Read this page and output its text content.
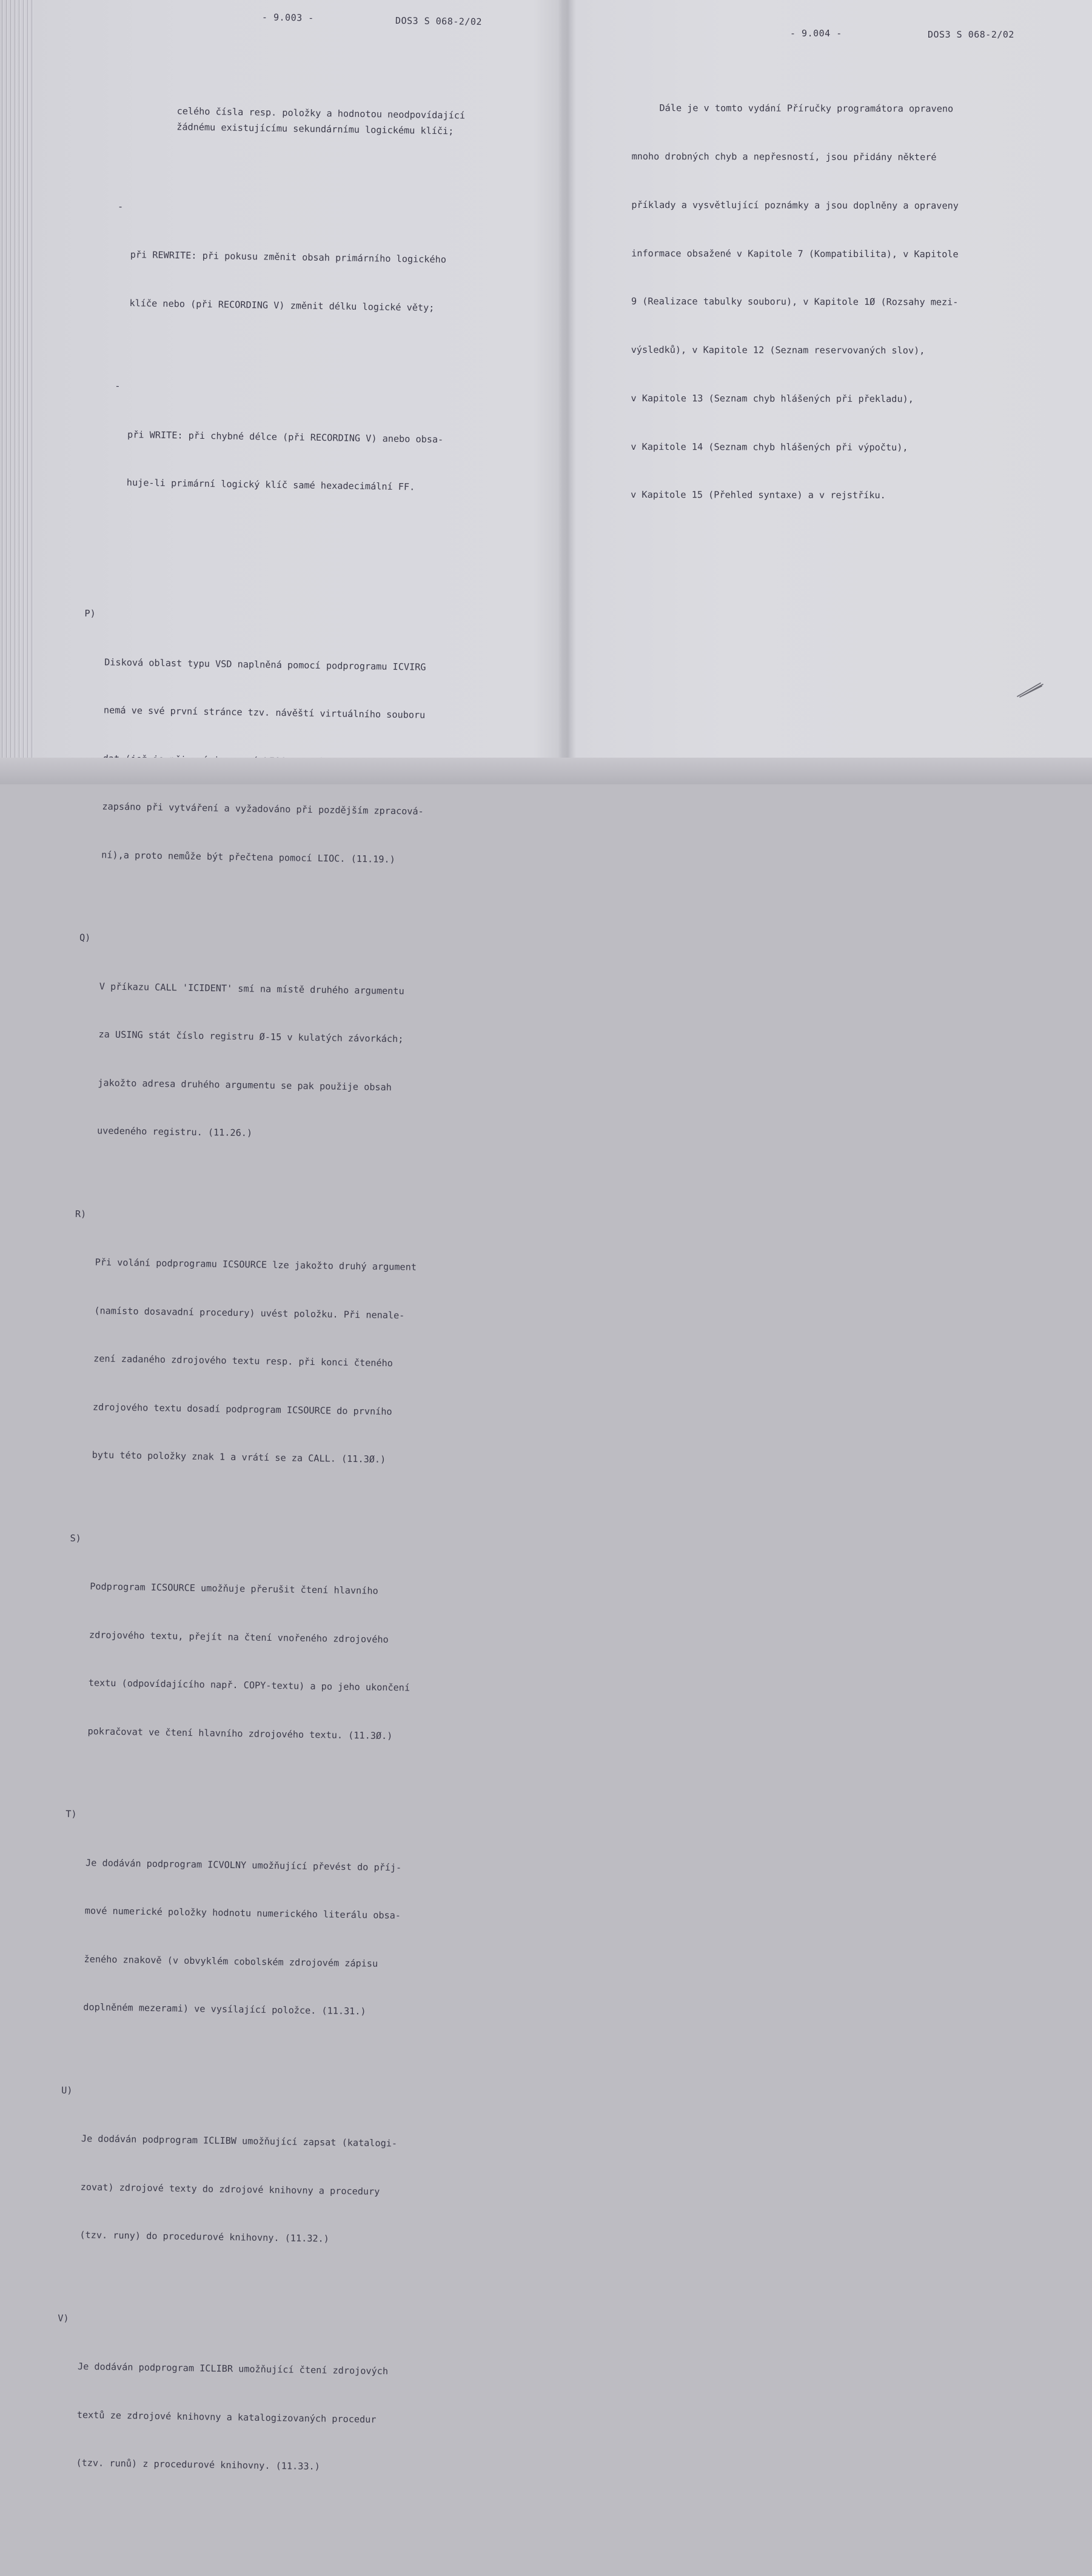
- 9.003 -	DOS3 S 068-2/02

celého čísla resp. položky a hodnotou neodpovídající
žádnému existujícímu sekundárnímu logickému klíči;

-

při REWRITE: při pokusu změnit obsah primárního logického

klíče nebo (při RECORDING V) změnit délku logické věty;

-

při WRITE: při chybné délce (při RECORDING V) anebo obsa-

huje-li primární logický klíč samé hexadecimální FF.

P)

Disková oblast typu VSD naplněná pomocí podprogramu ICVIRG

nemá ve své první stránce tzv. návěští virtuálního souboru

zapsáno při vytváření a vyžadováno při pozdějším zpracová-

ní),a proto nemůže být přečtena pomocí LIOC. (11.19.)

Q)

V příkazu CALL 'ICIDENT' smí na místě druhého argumentu

za USING stát číslo registru Ø-15 v kulatých závorkách;

jakožto adresa druhého argumentu se pak použije obsah

uvedeného registru. (11.26.)

R)

Při volání podprogramu ICSOURCE lze jakožto druhý argument

(namísto dosavadní procedury) uvést položku. Při nenale-

zení zadaného zdrojového textu resp. při konci čteného

zdrojového textu dosadí podprogram ICSOURCE do prvního

bytu této položky znak 1 a vrátí se za CALL. (11.3Ø.)

S)

Podprogram ICSOURCE umožňuje přerušit čtení hlavního

zdrojového textu, přejít na čtení vnořeného zdrojového

textu (odpovídajícího např. COPY-textu) a po jeho ukončení

pokračovat ve čtení hlavního zdrojového textu. (11.3Ø.)

T)

Je dodáván podprogram ICVOLNY umožňující převést do příj-

mové numerické položky hodnotu numerického literálu obsa-

ženého znakově (v obvyklém cobolském zdrojovém zápisu

doplněném mezerami) ve vysílající položce. (11.31.)

U)

Je dodáván podprogram ICLIBW umožňující zapsat (katalogi-

zovat) zdrojové texty do zdrojové knihovny a procedury

(tzv. runy) do procedurové knihovny. (11.32.)

V)

Je dodáván podprogram ICLIBR umožňující čtení zdrojových

textů ze zdrojové knihovny a katalogizovaných procedur

(tzv. runů) z procedurové knihovny. (11.33.)

- 9.004 -	DOS3 S 068-2/02

Dále je v tomto vydání Příručky programátora opraveno

mnoho drobných chyb a nepřesností, jsou přidány některé

příklady a vysvětlující poznámky a jsou doplněny a opraveny

informace obsažené v Kapitole 7 (Kompatibilita), v Kapitole

9 (Realizace tabulky souboru), v Kapitole 1Ø (Rozsahy mezi-

výsledků), v Kapitole 12 (Seznam reservovaných slov),

v Kapitole 13 (Seznam chyb hlášených při překladu),

v Kapitole 14 (Seznam chyb hlášených při výpočtu),

v Kapitole 15 (Přehled syntaxe) a v rejstříku.
